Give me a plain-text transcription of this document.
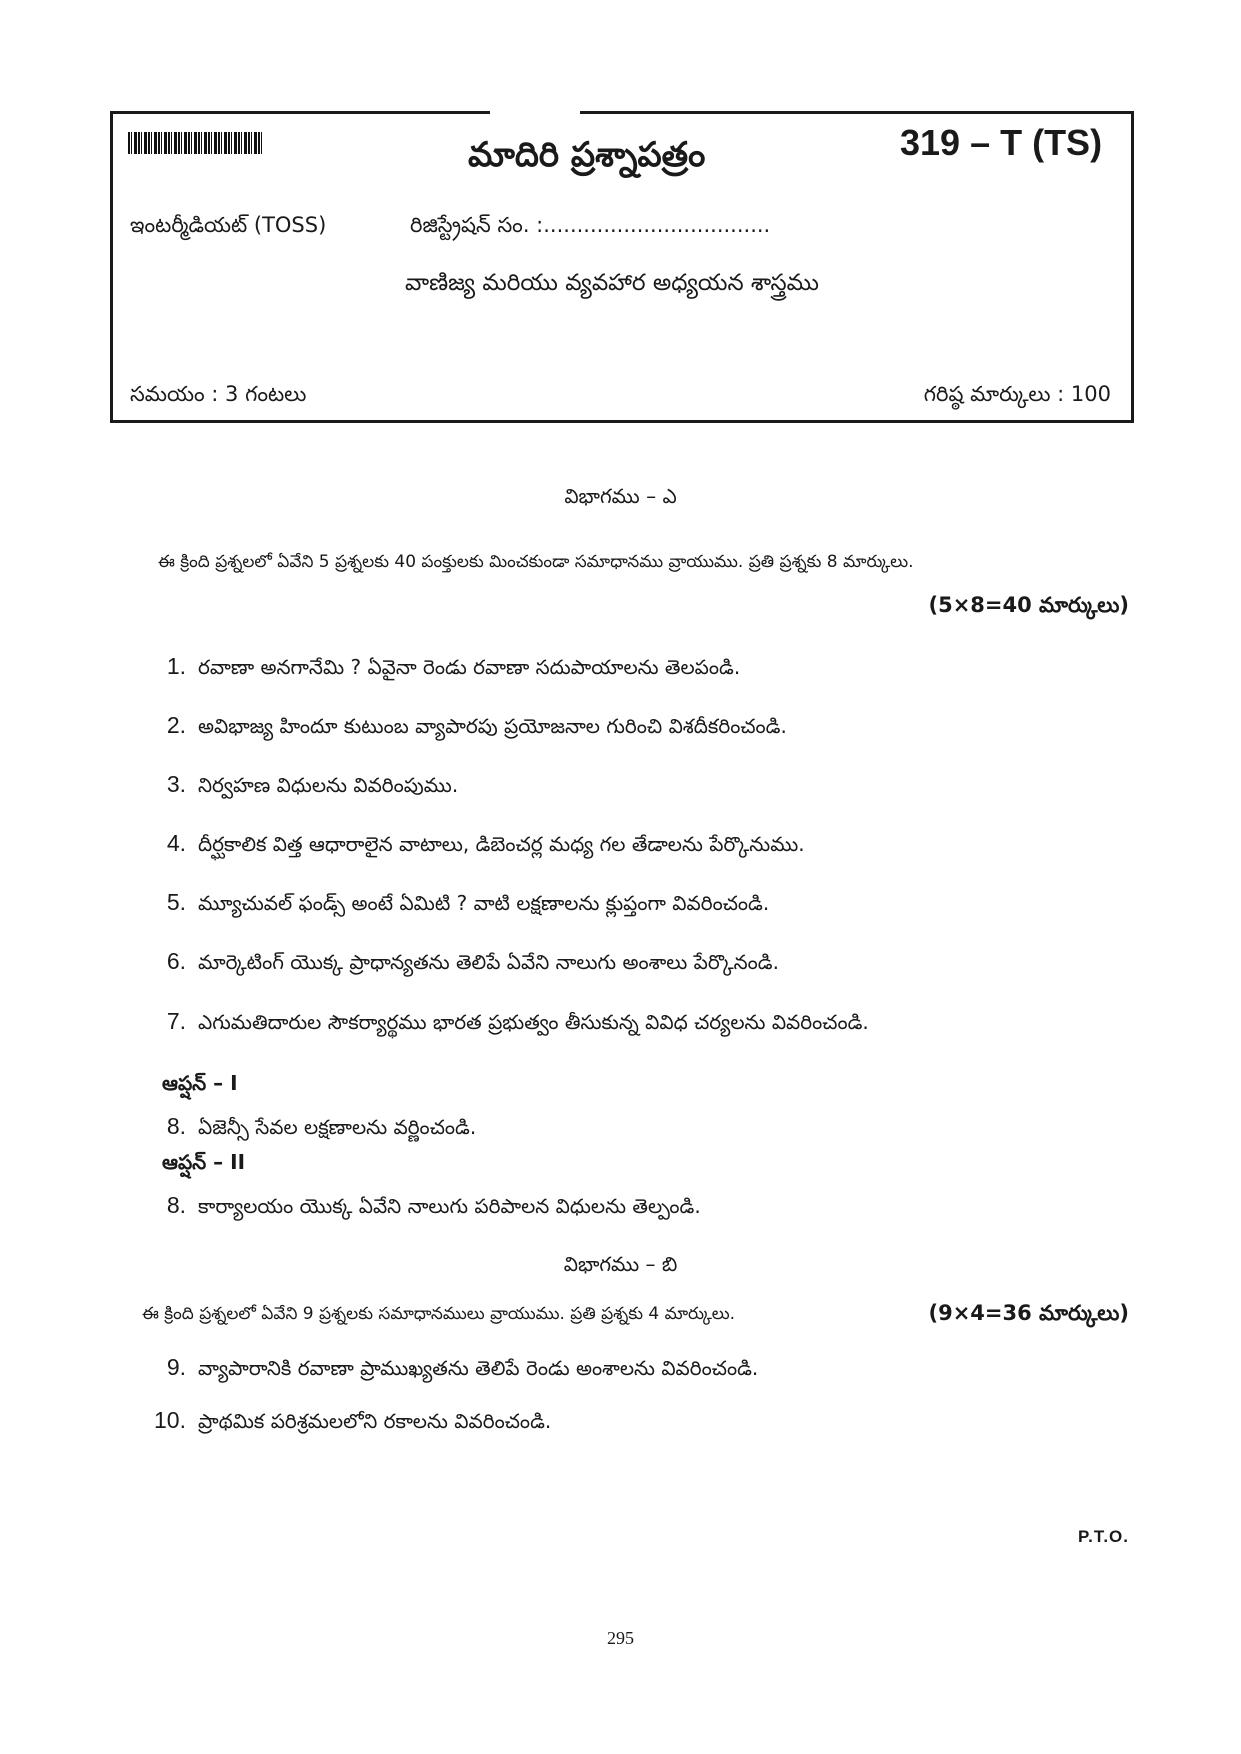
మాదిరి ప్రశ్నాపత్రం	319 – T (TS)
ఇంటర్మీడియట్ (TOSS)	రిజిస్ట్రేషన్ సం. :..................................
వాణిజ్య మరియు వ్యవహార అధ్యయన శాస్త్రము
సమయం : 3 గంటలు	గరిష్ఠ మార్కులు : 100
విభాగము – ఎ
ఈ క్రింది ప్రశ్నలలో ఏవేని 5 ప్రశ్నలకు 40 పంక్తులకు మించకుండా సమాధానము వ్రాయుము. ప్రతి ప్రశ్నకు 8 మార్కులు.
(5×8=40 మార్కులు)
1. రవాణా అనగానేమి ? ఏవైనా రెండు రవాణా సదుపాయాలను తెలపండి.
2. అవిభాజ్య హిందూ కుటుంబ వ్యాపారపు ప్రయోజనాల గురించి విశదీకరించండి.
3. నిర్వహణ విధులను వివరింపుము.
4. దీర్ఘకాలిక విత్త ఆధారాలైన వాటాలు, డిబెంచర్ల మధ్య గల తేడాలను పేర్కొనుము.
5. మ్యూచువల్ ఫండ్స్ అంటే ఏమిటి ? వాటి లక్షణాలను క్లుప్తంగా వివరించండి.
6. మార్కెటింగ్ యొక్క ప్రాధాన్యతను తెలిపే ఏవేని నాలుగు అంశాలు పేర్కొనండి.
7. ఎగుమతిదారుల సౌకర్యార్థము భారత ప్రభుత్వం తీసుకున్న వివిధ చర్యలను వివరించండి.
ఆప్షన్ – I
8. ఏజెన్సీ సేవల లక్షణాలను వర్ణించండి.
ఆప్షన్ – II
8. కార్యాలయం యొక్క ఏవేని నాలుగు పరిపాలన విధులను తెల్పండి.
విభాగము – బి
ఈ క్రింది ప్రశ్నలలో ఏవేని 9 ప్రశ్నలకు సమాధానములు వ్రాయుము. ప్రతి ప్రశ్నకు 4 మార్కులు.	(9×4=36 మార్కులు)
9. వ్యాపారానికి రవాణా ప్రాముఖ్యతను తెలిపే రెండు అంశాలను వివరించండి.
10. ప్రాథమిక పరిశ్రమలలోని రకాలను వివరించండి.
P.T.O.
295
